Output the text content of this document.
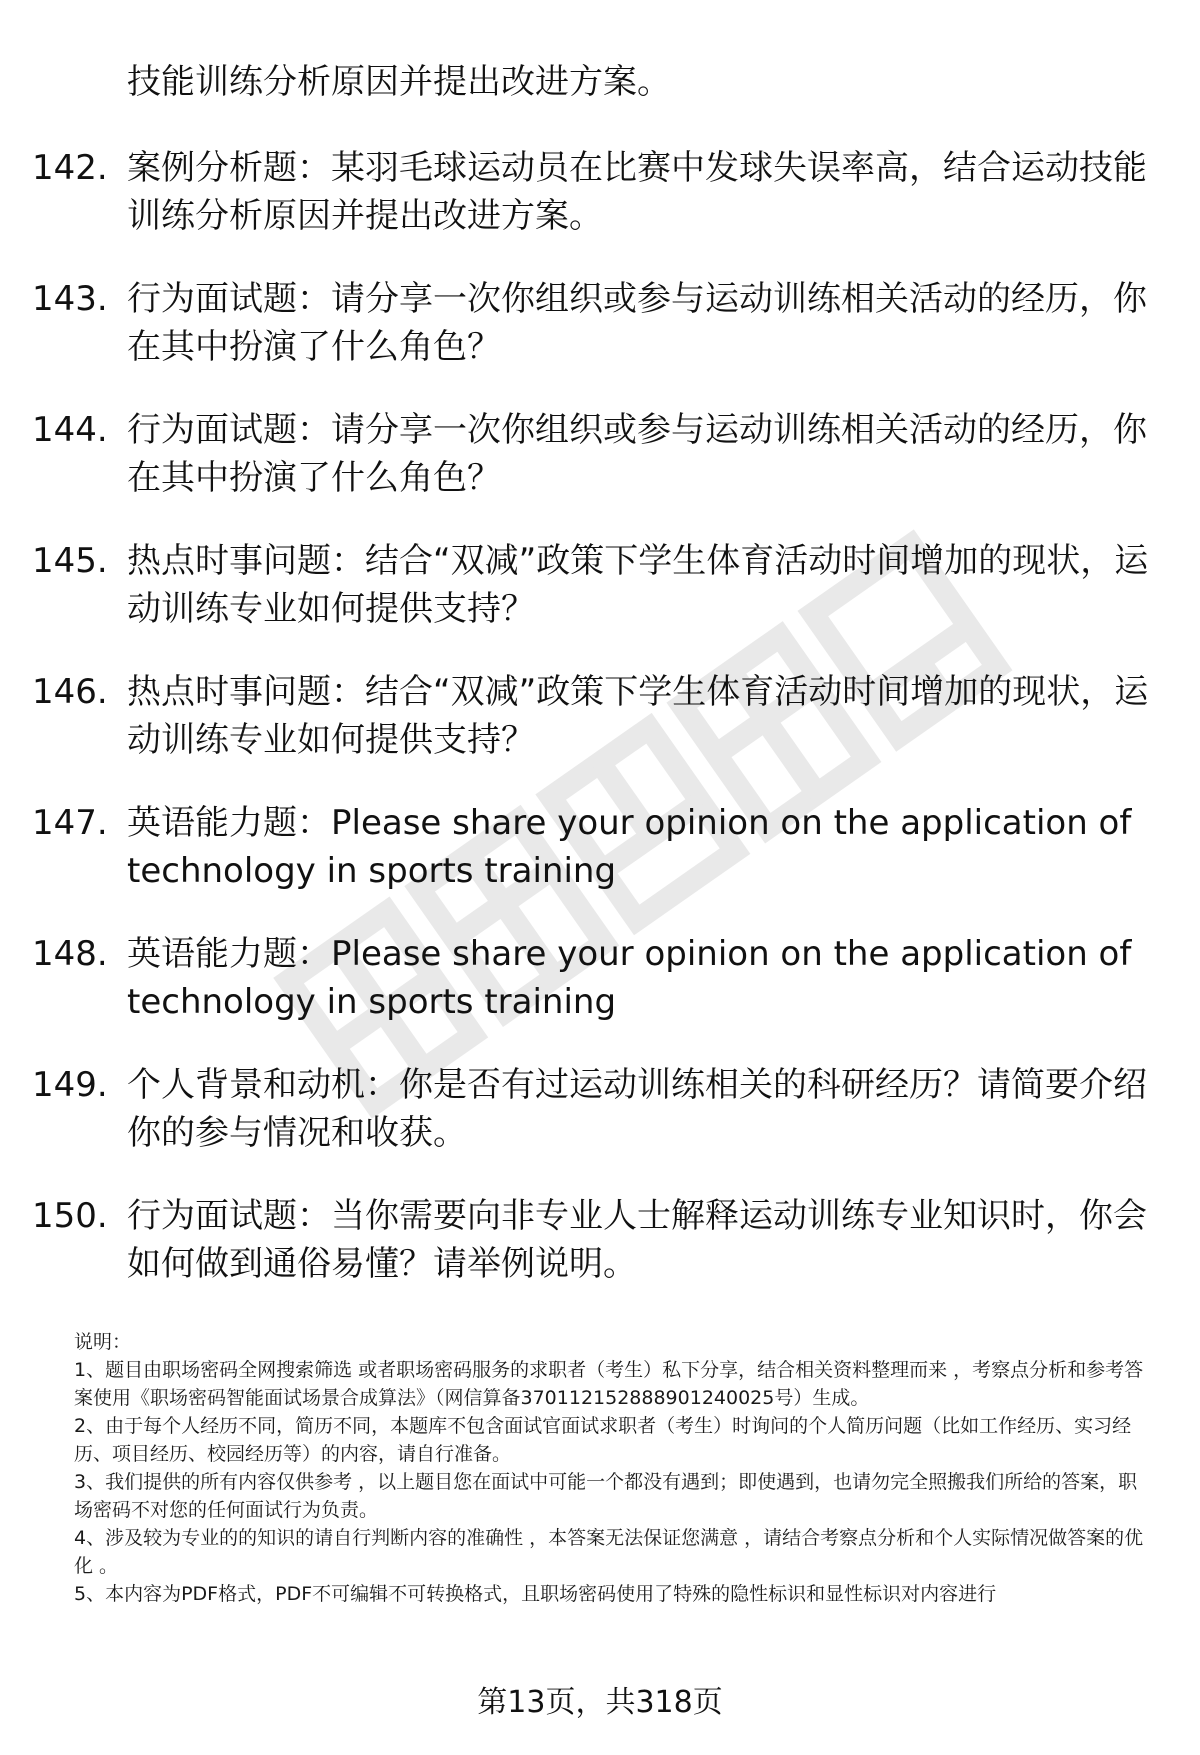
技能训练分析原因并提出改进方案。
142. 案例分析题：某羽毛球运动员在比赛中发球失误率高，结合运动技能训练分析原因并提出改进方案。
143. 行为面试题：请分享一次你组织或参与运动训练相关活动的经历，你在其中扮演了什么角色？
144. 行为面试题：请分享一次你组织或参与运动训练相关活动的经历，你在其中扮演了什么角色？
145. 热点时事问题：结合“双减”政策下学生体育活动时间增加的现状，运动训练专业如何提供支持？
146. 热点时事问题：结合“双减”政策下学生体育活动时间增加的现状，运动训练专业如何提供支持？
147. 英语能力题：Please share your opinion on the application of technology in sports training
148. 英语能力题：Please share your opinion on the application of technology in sports training
149. 个人背景和动机：你是否有过运动训练相关的科研经历？请简要介绍你的参与情况和收获。
150. 行为面试题：当你需要向非专业人士解释运动训练专业知识时，你会如何做到通俗易懂？请举例说明。

说明：

1、题目由职场密码全网搜索筛选 或者职场密码服务的求职者（考生）私下分享，结合相关资料整理而来 ，考察点分析和参考答案使用《职场密码智能面试场景合成算法》（网信算备370112152888901240025号）生成。

2、由于每个人经历不同，简历不同，本题库不包含面试官面试求职者（考生）时询问的个人简历问题（比如工作经历、实习经历、项目经历、校园经历等）的内容，请自行准备。

3、我们提供的所有内容仅供参考 ，以上题目您在面试中可能一个都没有遇到；即使遇到，也请勿完全照搬我们所给的答案，职场密码不对您的任何面试行为负责。

4、涉及较为专业的的知识的请自行判断内容的准确性 ，本答案无法保证您满意 ，请结合考察点分析和个人实际情况做答案的优化 。

5、本内容为PDF格式，PDF不可编辑不可转换格式，且职场密码使用了特殊的隐性标识和显性标识对内容进行

第13页，共318页
